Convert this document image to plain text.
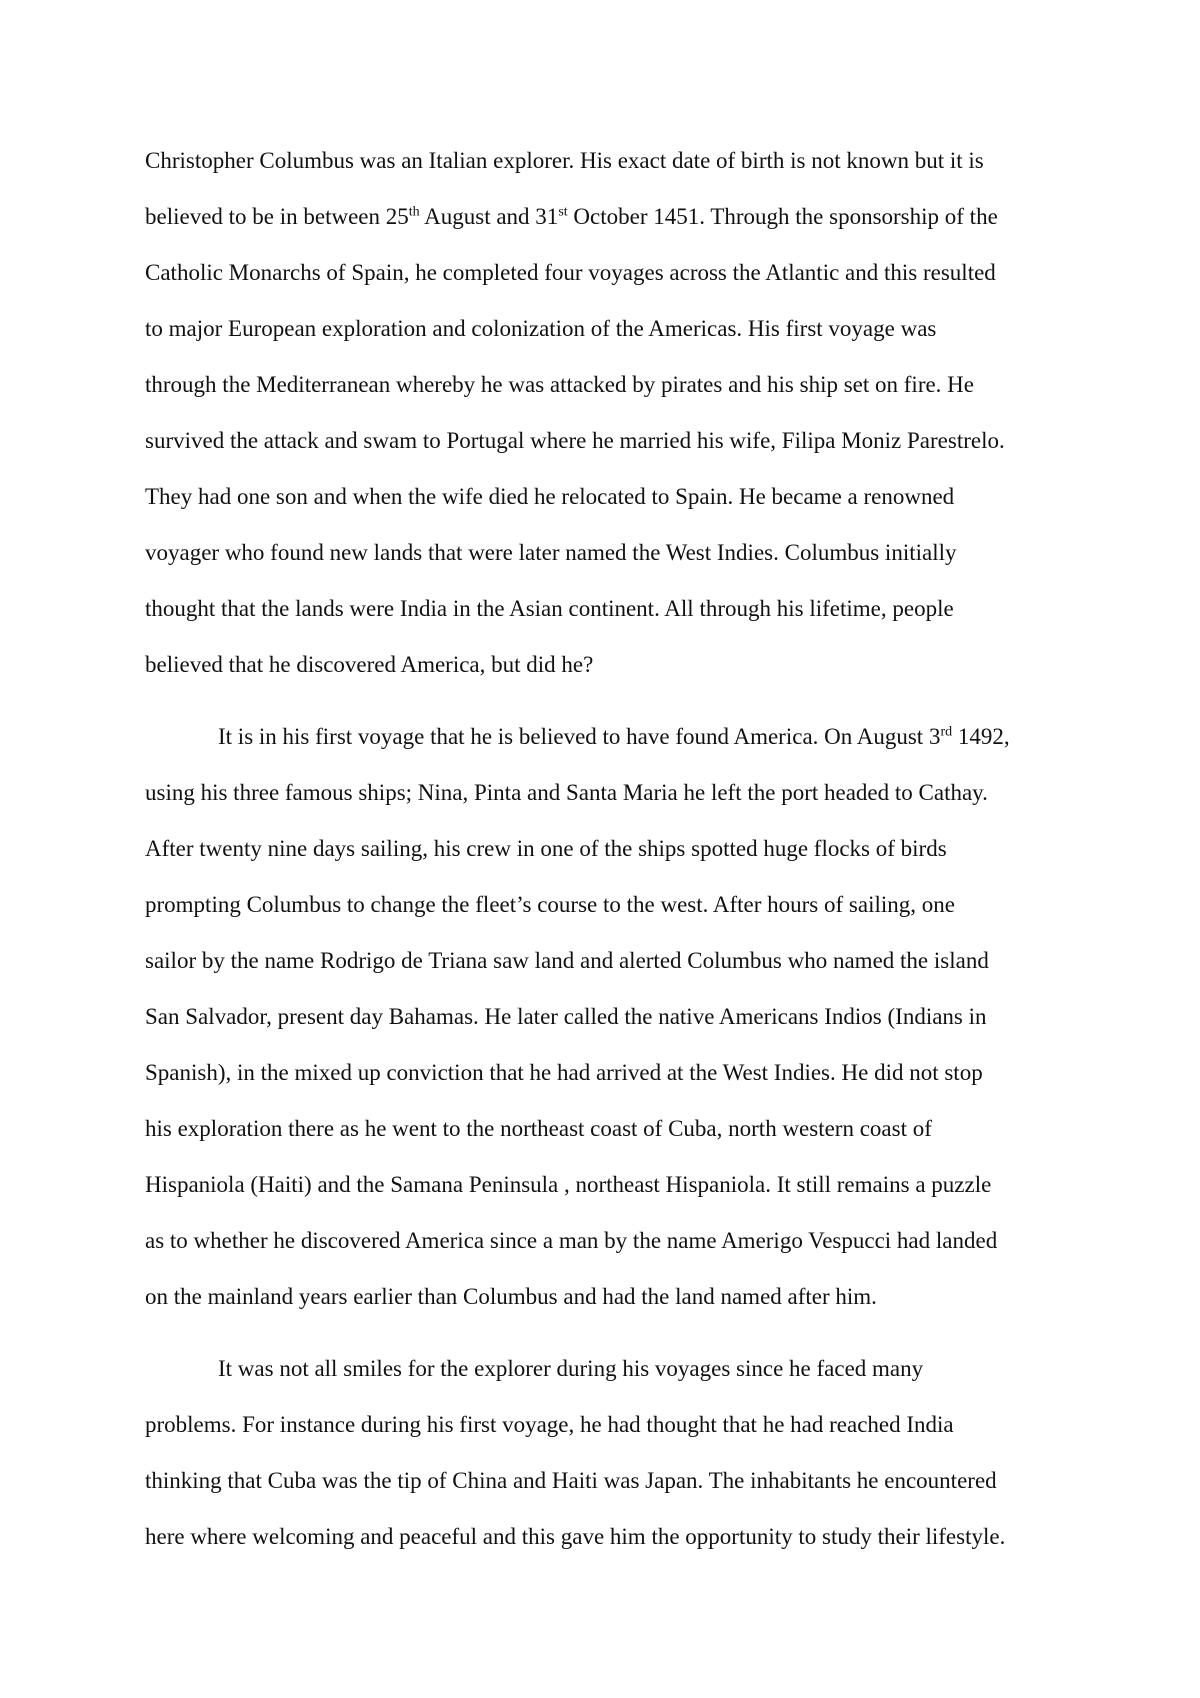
Christopher Columbus was an Italian explorer. His exact date of birth is not known but it is

believed to be in between 25th August and 31st October 1451. Through the sponsorship of the

Catholic Monarchs of Spain, he completed four voyages across the Atlantic and this resulted

to major European exploration and colonization of the Americas. His first voyage was

through the Mediterranean whereby he was attacked by pirates and his ship set on fire. He

survived the attack and swam to Portugal where he married his wife, Filipa Moniz Parestrelo.

They had one son and when the wife died he relocated to Spain. He became a renowned

voyager who found new lands that were later named the West Indies. Columbus initially

thought that the lands were India in the Asian continent. All through his lifetime, people

believed that he discovered America, but did he?

It is in his first voyage that he is believed to have found America. On August 3rd 1492,

using his three famous ships; Nina, Pinta and Santa Maria he left the port headed to Cathay.

After twenty nine days sailing, his crew in one of the ships spotted huge flocks of birds

prompting Columbus to change the fleet’s course to the west. After hours of sailing, one

sailor by the name Rodrigo de Triana saw land and alerted Columbus who named the island

San Salvador, present day Bahamas. He later called the native Americans Indios (Indians in

Spanish), in the mixed up conviction that he had arrived at the West Indies. He did not stop

his exploration there as he went to the northeast coast of Cuba, north western coast of

Hispaniola (Haiti) and the Samana Peninsula , northeast Hispaniola. It still remains a puzzle

as to whether he discovered America since a man by the name Amerigo Vespucci had landed

on the mainland years earlier than Columbus and had the land named after him.

It was not all smiles for the explorer during his voyages since he faced many

problems. For instance during his first voyage, he had thought that he had reached India

thinking that Cuba was the tip of China and Haiti was Japan. The inhabitants he encountered

here where welcoming and peaceful and this gave him the opportunity to study their lifestyle.
